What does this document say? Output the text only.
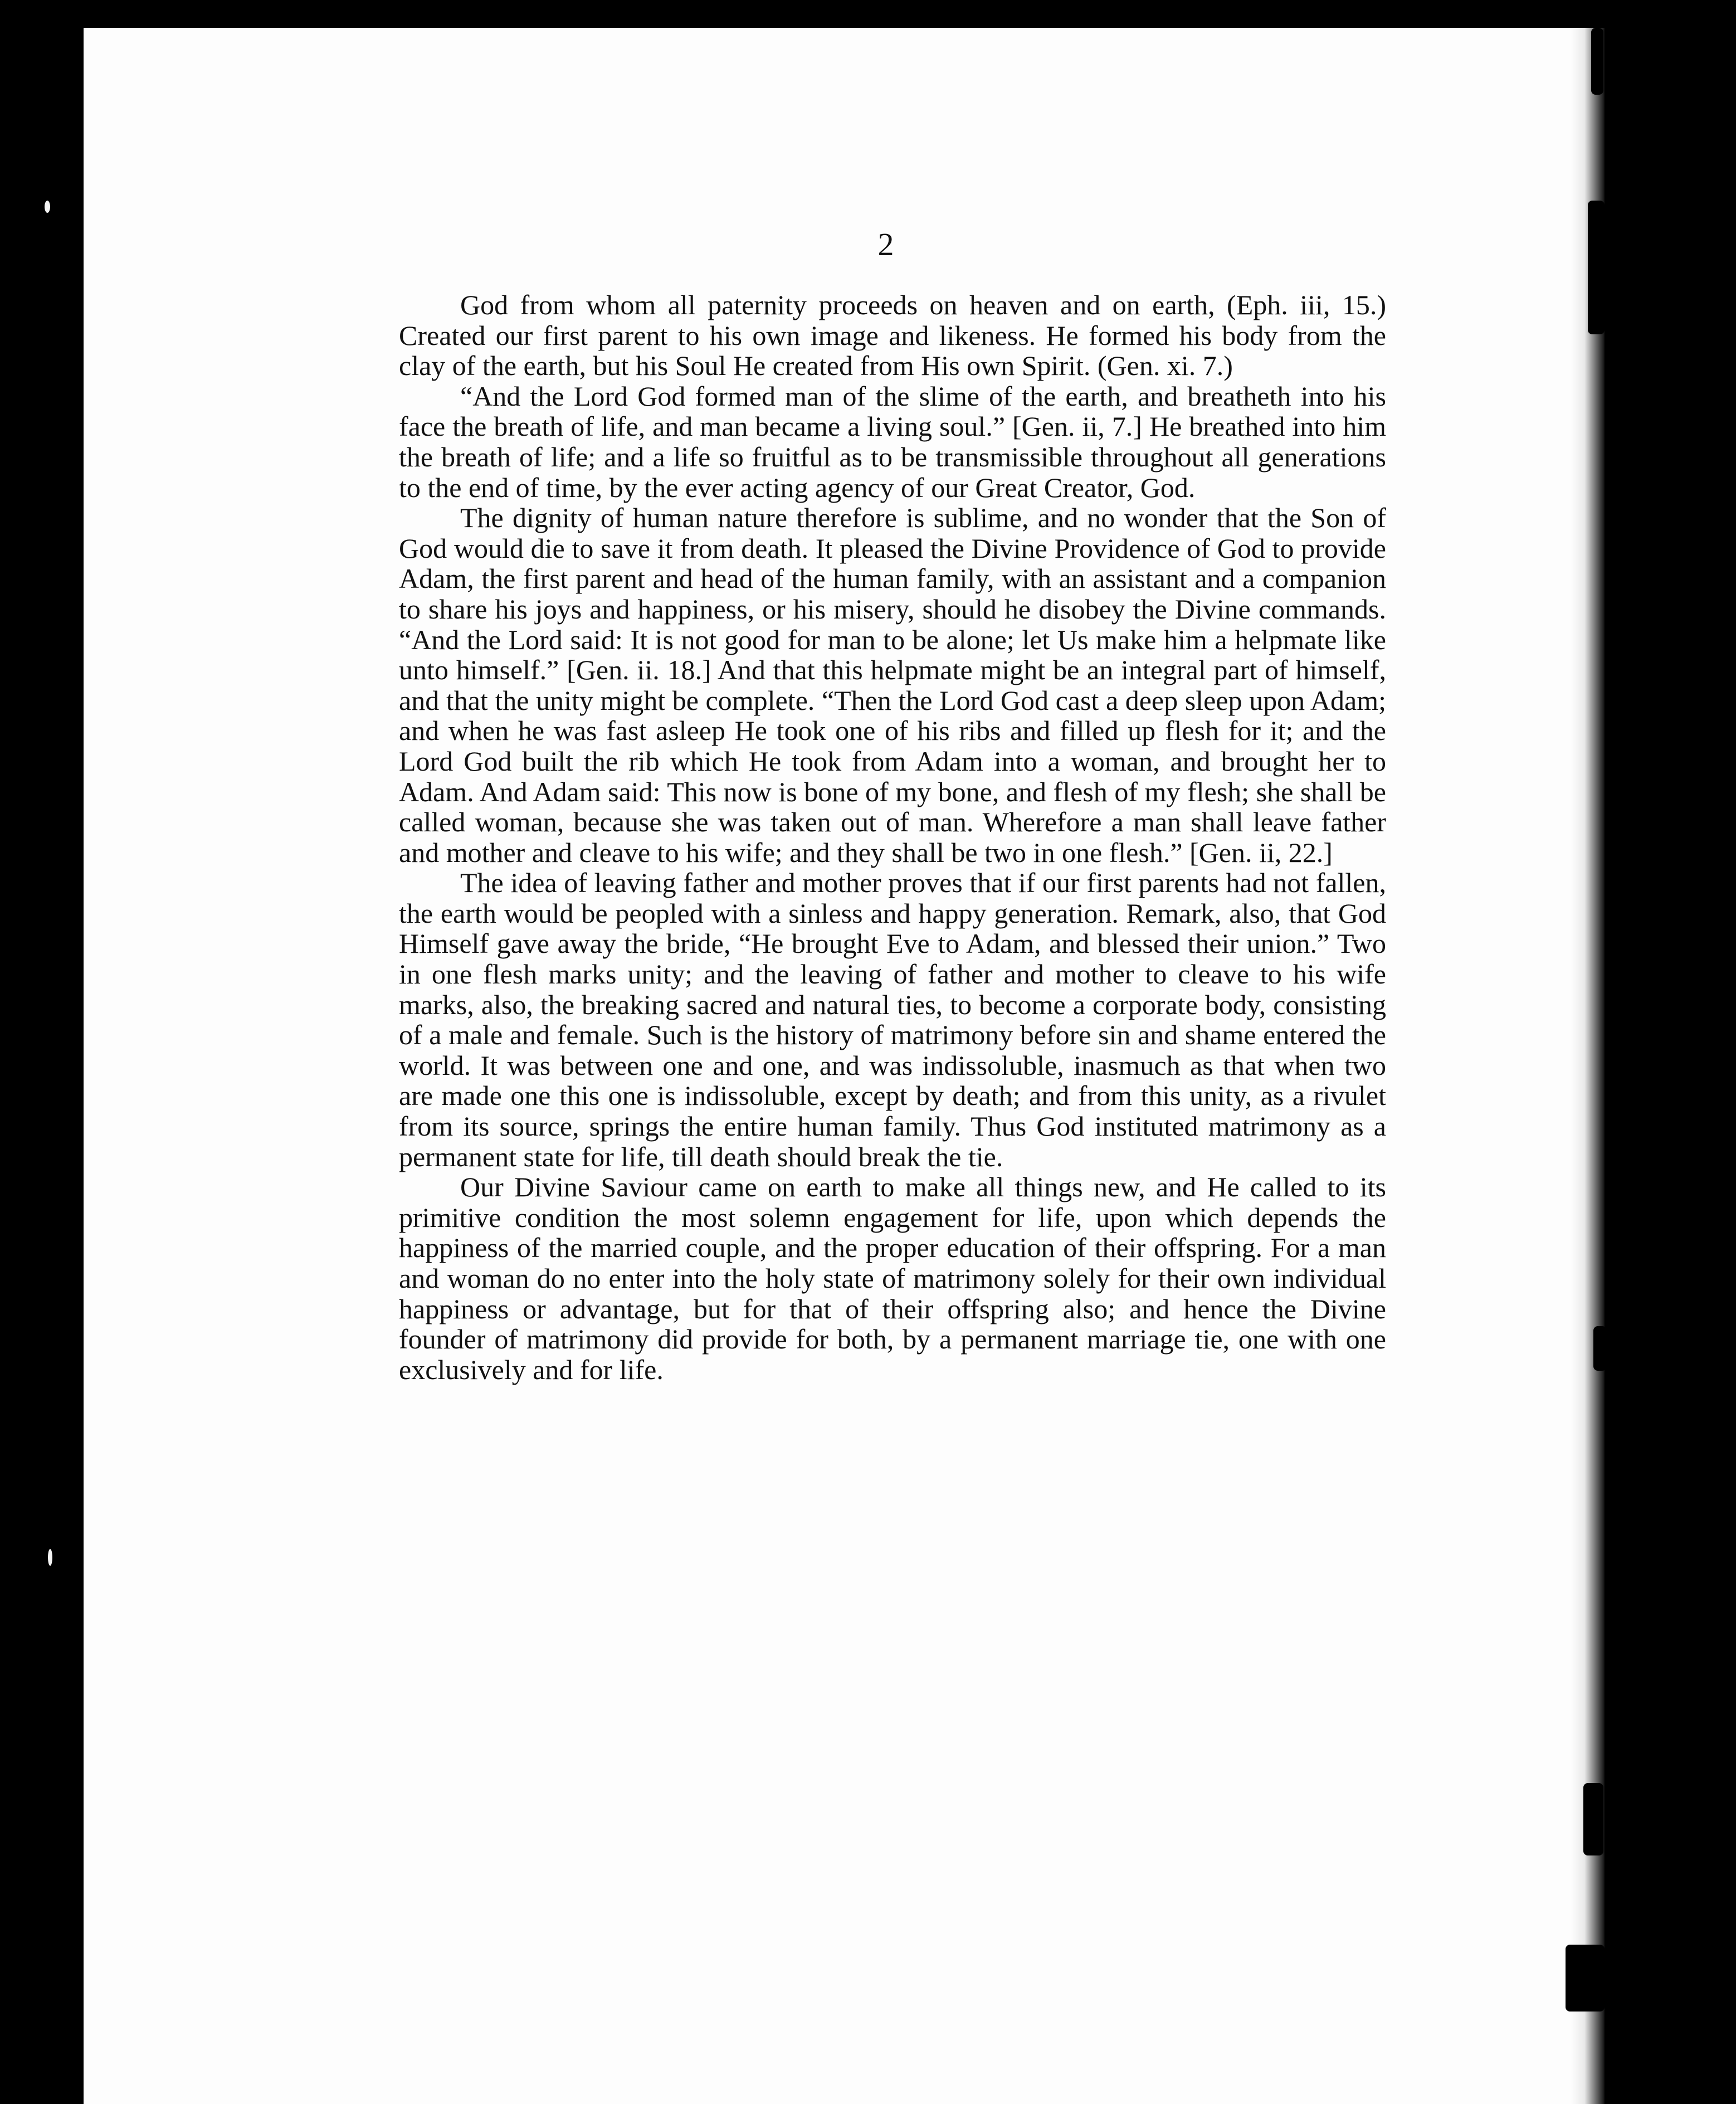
2

God from whom all paternity proceeds on heaven and on earth, (Eph. iii, 15.) Created our first parent to his own image and likeness. He formed his body from the clay of the earth, but his Soul He created from His own Spirit. (Gen. xi. 7.)

“And the Lord God formed man of the slime of the earth, and breatheth into his face the breath of life, and man became a living soul.” [Gen. ii, 7.] He breathed into him the breath of life; and a life so fruitful as to be transmissible throughout all generations to the end of time, by the ever acting agency of our Great Creator, God.

The dignity of human nature therefore is sublime, and no wonder that the Son of God would die to save it from death. It pleased the Divine Providence of God to provide Adam, the first parent and head of the human family, with an assistant and a companion to share his joys and happiness, or his misery, should he disobey the Divine commands. “And the Lord said: It is not good for man to be alone; let Us make him a helpmate like unto himself.” [Gen. ii. 18.] And that this helpmate might be an integral part of himself, and that the unity might be complete. “Then the Lord God cast a deep sleep upon Adam; and when he was fast asleep He took one of his ribs and filled up flesh for it; and the Lord God built the rib which He took from Adam into a woman, and brought her to Adam. And Adam said: This now is bone of my bone, and flesh of my flesh; she shall be called woman, because she was taken out of man. Wherefore a man shall leave father and mother and cleave to his wife; and they shall be two in one flesh.” [Gen. ii, 22.]

The idea of leaving father and mother proves that if our first parents had not fallen, the earth would be peopled with a sinless and happy generation. Remark, also, that God Himself gave away the bride, “He brought Eve to Adam, and blessed their union.” Two in one flesh marks unity; and the leaving of father and mother to cleave to his wife marks, also, the breaking sacred and natural ties, to become a corporate body, consisting of a male and female. Such is the history of matrimony before sin and shame entered the world. It was between one and one, and was indissoluble, inasmuch as that when two are made one this one is indissoluble, except by death; and from this unity, as a rivulet from its source, springs the entire human family. Thus God instituted matrimony as a permanent state for life, till death should break the tie.

Our Divine Saviour came on earth to make all things new, and He called to its primitive condition the most solemn engagement for life, upon which depends the happiness of the married couple, and the proper education of their offspring. For a man and woman do no enter into the holy state of matrimony solely for their own individual happiness or advantage, but for that of their offspring also; and hence the Divine founder of matrimony did provide for both, by a permanent marriage tie, one with one exclusively and for life.
